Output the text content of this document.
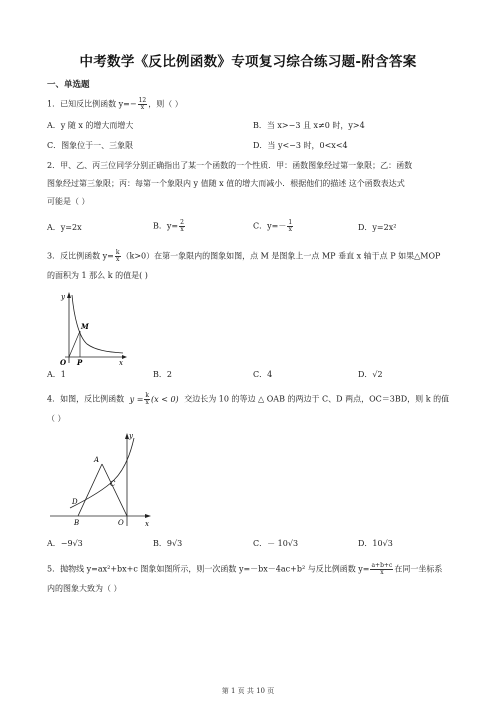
中考数学《反比例函数》专项复习综合练习题-附含答案
一、单选题
1．已知反比例函数 $y=- \frac{12}{x}$ ，则（ ）
A．y 随 x 的增大而增大	B．当 x>−3 且 x≠0 时，y>4
C．图象位于一、三象限	D．当 y<−3 时，0<x<4
2．甲、乙、丙三位同学分别正确指出了某一个函数的一个性质．甲：函数图象经过第一象限；乙：函数
图象经过第三象限；丙：每第一个象限内 y 值随 x 值的增大而减小．根据他们的描述 这个函数表达式
可能是（ ）
A．y=2x	B．$y= \frac{2}{x}$	C．$y=- \frac{1}{x}$	D．y=2x²
3．反比例函数 $y= \frac{k}{x} (k>0)$在第一象限内的图象如图，点 M 是图象上一点 MP 垂直 x 轴于点 P 如果△MOP
的面积为 1 那么 k 的值是( )
y
x
O P
M
A．1	B．2	C．4	D．√2
4．如图，反比例函数 $y = \frac{k}{x} (x < 0)$ 交边长为 10 的等边 △ OAB 的两边于 C、D 两点，OC＝3BD，则 k 的值
（ ）
y
x
A
C
D
B	O
A．−9√3	B．9√3	C．－ 10√3	D．10√3
5．抛物线 y=ax²+bx+c 图象如图所示，则一次函数 y=－bx－4ac+b² 与反比例函数 $y= \frac{a+b+c}{x}$ 在同一坐标系
内的图象大致为（ ）
第 1 页 共 10 页
